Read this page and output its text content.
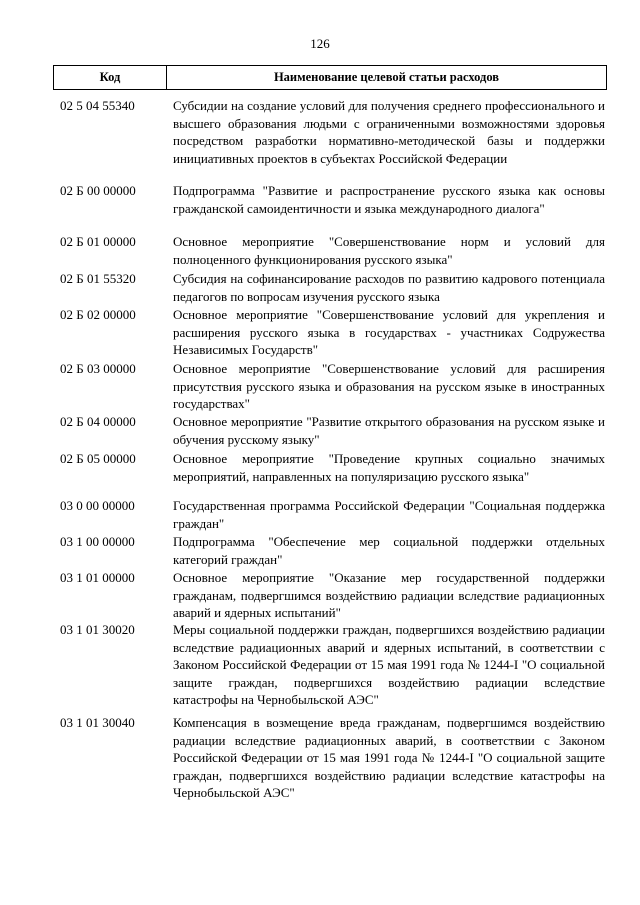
126
Код	Наименование целевой статьи расходов
02 5 04 55340	Субсидии на создание условий для получения среднего профессионального и высшего образования людьми с ограниченными возможностями здоровья посредством разработки нормативно-методической базы и поддержки инициативных проектов в субъектах Российской Федерации
02 Б 00 00000	Подпрограмма "Развитие и распространение русского языка как основы гражданской самоидентичности и языка международного диалога"
02 Б 01 00000	Основное мероприятие "Совершенствование норм и условий для полноценного функционирования русского языка"
02 Б 01 55320	Субсидия на софинансирование расходов по развитию кадрового потенциала педагогов по вопросам изучения русского языка
02 Б 02 00000	Основное мероприятие "Совершенствование условий для укрепления и расширения русского языка в государствах - участниках Содружества Независимых Государств"
02 Б 03 00000	Основное мероприятие "Совершенствование условий для расширения присутствия русского языка и образования на русском языке в иностранных государствах"
02 Б 04 00000	Основное мероприятие "Развитие открытого образования на русском языке и обучения русскому языку"
02 Б 05 00000	Основное мероприятие "Проведение крупных социально значимых мероприятий, направленных на популяризацию русского языка"
03 0 00 00000	Государственная программа Российской Федерации "Социальная поддержка граждан"
03 1 00 00000	Подпрограмма "Обеспечение мер социальной поддержки отдельных категорий граждан"
03 1 01 00000	Основное мероприятие "Оказание мер государственной поддержки гражданам, подвергшимся воздействию радиации вследствие радиационных аварий и ядерных испытаний"
03 1 01 30020	Меры социальной поддержки граждан, подвергшихся воздействию радиации вследствие радиационных аварий и ядерных испытаний, в соответствии с Законом Российской Федерации от 15 мая 1991 года № 1244-I "О социальной защите граждан, подвергшихся воздействию радиации вследствие катастрофы на Чернобыльской АЭС"
03 1 01 30040	Компенсация в возмещение вреда гражданам, подвергшимся воздействию радиации вследствие радиационных аварий, в соответствии с Законом Российской Федерации от 15 мая 1991 года № 1244-I "О социальной защите граждан, подвергшихся воздействию радиации вследствие катастрофы на Чернобыльской АЭС"
